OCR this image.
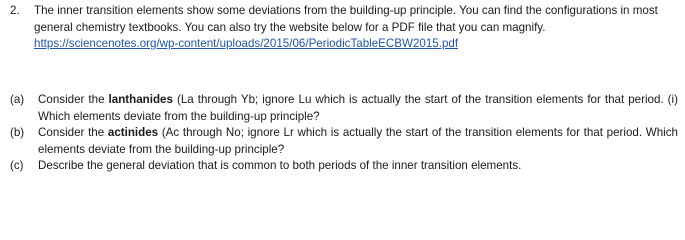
2.	The inner transition elements show some deviations from the building-up principle. You can find the configurations in most general chemistry textbooks. You can also try the website below for a PDF file that you can magnify.
https://sciencenotes.org/wp-content/uploads/2015/06/PeriodicTableECBW2015.pdf
(a)	Consider the lanthanides (La through Yb; ignore Lu which is actually the start of the transition elements for that period. (i) Which elements deviate from the building-up principle?
(b)	Consider the actinides (Ac through No; ignore Lr which is actually the start of the transition elements for that period. Which elements deviate from the building-up principle?
(c)	Describe the general deviation that is common to both periods of the inner transition elements.
